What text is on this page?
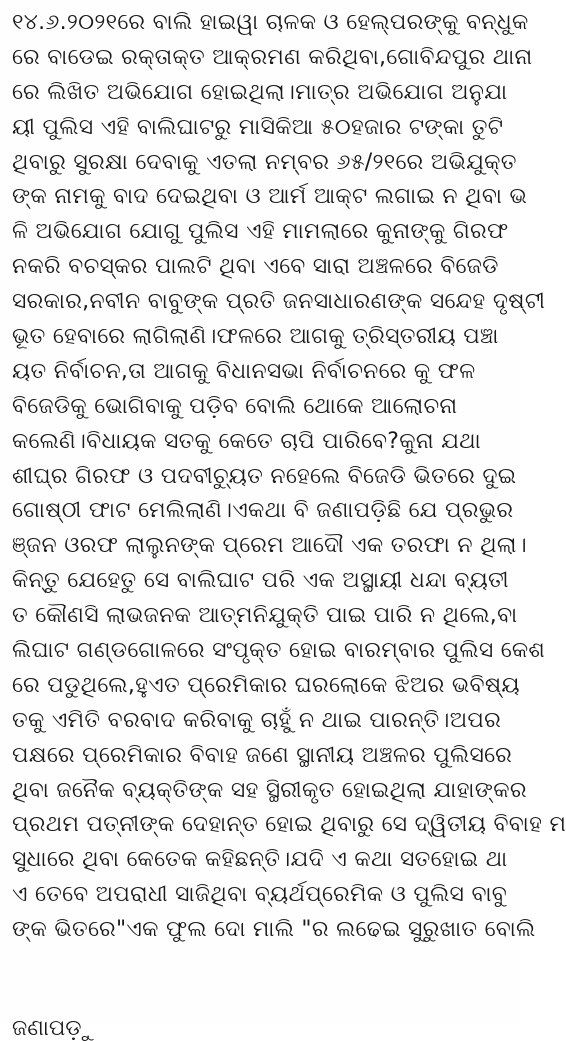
୧୪.୬.୨୦୨୧ରେ ବାଲି ହାଇୱା ଚାଳକ ଓ ହେଲ୍ପରଙ୍କୁ ବନ୍ଧୁକ
ରେ ବାଡେଇ ରକ୍ତାକ୍ତ ଆକ୍ରମଣ କରିଥିବା,ଗୋବିନ୍ଦପୁର ଥାନା
ରେ ଲିଖିତ ଅଭିଯୋଗ ହୋଇଥିଲା।ମାତ୍ର ଅଭିଯୋଗ ଅନୁଯା
ୟୀ ପୁଲିସ ଏହି ବାଲିଘାଟରୁ ମାସିକିଆ ୫୦ହଜାର ଟଙ୍କା ତୁଟି
ଥିବାରୁ ସୁରକ୍ଷା ଦେବାକୁ ଏତଲା ନମ୍ବର ୬୫/୨୧ରେ ଅଭିଯୁକ୍ତ
ଙ୍କ ନାମକୁ ବାଦ ଦେଇଥିବା ଓ ଆର୍ମ ଆକ୍ଟ ଲଗାଇ ନ ଥିବା ଭ
ଳି ଅଭିଯୋଗ ଯୋଗୁ ପୁଲିସ ଏହି ମାମଲାରେ କୁନାଙ୍କୁ ଗିରଫ
ନକରି ବଚସ୍କର ପାଲଟି ଥିବା ଏବେ ସାରା ଅଞ୍ଚଳରେ ବିଜେଡି
ସରକାର,ନବୀନ ବାବୁଙ୍କ ପ୍ରତି ଜନସାଧାରଣଙ୍କ ସନ୍ଦେହ ଦୃଷ୍ଟୀ
ଭୂତ ହେବାରେ ଲାଗିଲାଣି।ଫଳରେ ଆଗକୁ ତ୍ରିସ୍ତରୀୟ ପଞ୍ଚା
ୟତ ନିର୍ବାଚନ,ତା ଆଗକୁ ବିଧାନସଭା ନିର୍ବାଚନରେ କୁ ଫଳ
ବିଜେଡିକୁ ଭୋଗିବାକୁ ପଡ଼ିବ ବୋଲି ଥୋକେ ଆଲୋଚନା
କଲେଣି।ବିଧାୟକ ସତକୁ କେତେ ଚାପି ପାରିବେ?କୁନା ଯଥା
ଶୀଘ୍ର ଗିରଫ ଓ ପଦବୀଚ୍ୟୁତ ନହେଲେ ବିଜେଡି ଭିତରେ ଦୁଇ
ଗୋଷ୍ଠୀ ଫାଟ ମେଲିଲାଣି।ଏକଥା ବି ଜଣାପଡ଼ିଛି ଯେ ପ୍ରଭୁର
ଞ୍ଜନ ଓରଫ ଲାଲୁନଙ୍କ ପ୍ରେମ ଆଦୌ ଏକ ତରଫା ନ ଥିଲା।
କିନ୍ତୁ ଯେହେତୁ ସେ ବାଲିଘାଟ ପରି ଏକ ଅସ୍ଥାୟୀ ଧନ୍ଦା ବ୍ୟତୀ
ତ କୌଣସି ଲାଭଜନକ ଆତ୍ମନିଯୁକ୍ତି ପାଇ ପାରି ନ ଥିଲେ,ବା
ଲିଘାଟ ଗଣ୍ଡଗୋଳରେ ସଂପୃକ୍ତ ହୋଇ ବାରମ୍ବାର ପୁଲିସ କେଶ
ରେ ପଡୁଥିଲେ,ହୁଏତ ପ୍ରେମିକାର ଘରଲୋକେ ଝିଅର ଭବିଷ୍ୟ
ତକୁ ଏମିତି ବରବାଦ କରିବାକୁ ଚାହୁଁ ନ ଥାଇ ପାରନ୍ତି।ଅପର
ପକ୍ଷରେ ପ୍ରେମିକାର ବିବାହ ଜଣେ ସ୍ଥାନୀୟ ଅଞ୍ଚଳର ପୁଲିସରେ
ଥିବା ଜନୈକ ବ୍ୟକ୍ତିଙ୍କ ସହ ସ୍ଥିରୀକୃତ ହୋଇଥିଲା ଯାହାଙ୍କର
ପ୍ରଥମ ପତ୍ନୀଙ୍କ ଦେହାନ୍ତ ହୋଇ ଥିବାରୁ ସେ ଦ୍ୱିତୀୟ ବିବାହ ମ
ସୁଧାରେ ଥିବା କେତେକ କହିଛନ୍ତି।ଯଦି ଏ କଥା ସତହୋଇ ଥା
ଏ ତେବେ ଅପରାଧୀ ସାଜିଥିବା ବ୍ୟର୍ଥପ୍ରେମିକ ଓ ପୁଲିସ ବାବୁ
ଙ୍କ ଭିତରେ"ଏକ ଫୁଲ ଦୋ ମାଲି "ର ଲଢେଇ ସୁରୁଖାତ ବୋଲି
ଜଣାପଡ଼ୁ
